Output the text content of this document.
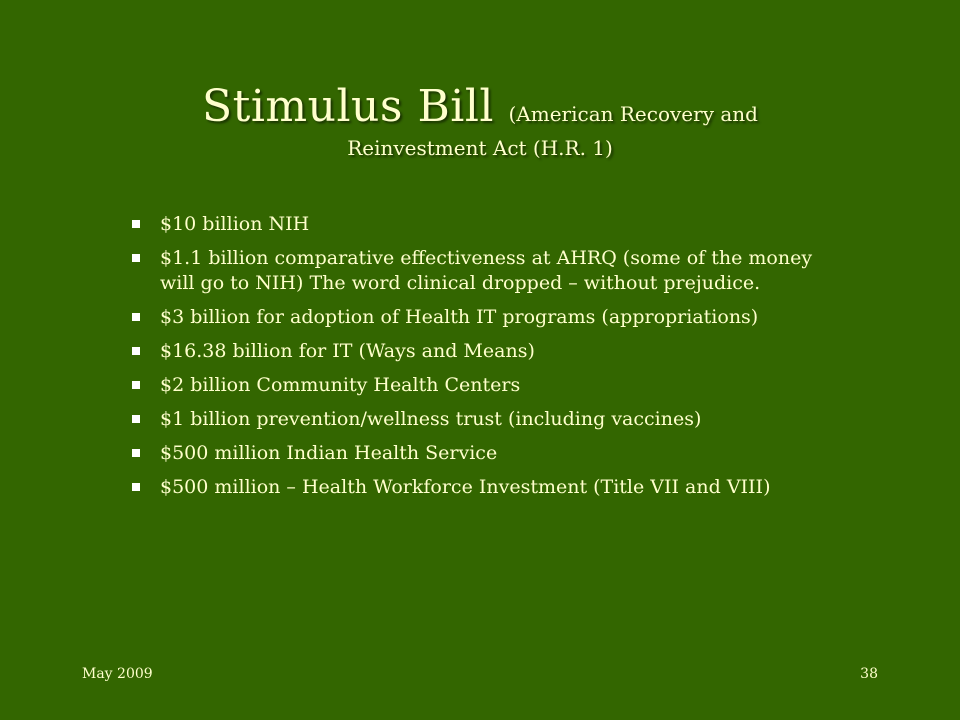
Stimulus Bill (American Recovery and
Reinvestment Act (H.R. 1)
$10 billion NIH
$1.1 billion comparative effectiveness at AHRQ (some of the money will go to NIH) The word clinical dropped – without prejudice.
$3 billion for adoption of Health IT programs (appropriations)
$16.38 billion for IT (Ways and Means)
$2 billion Community Health Centers
$1 billion prevention/wellness trust (including vaccines)
$500 million Indian Health Service
$500 million – Health Workforce Investment (Title VII and VIII)
May 2009	38
